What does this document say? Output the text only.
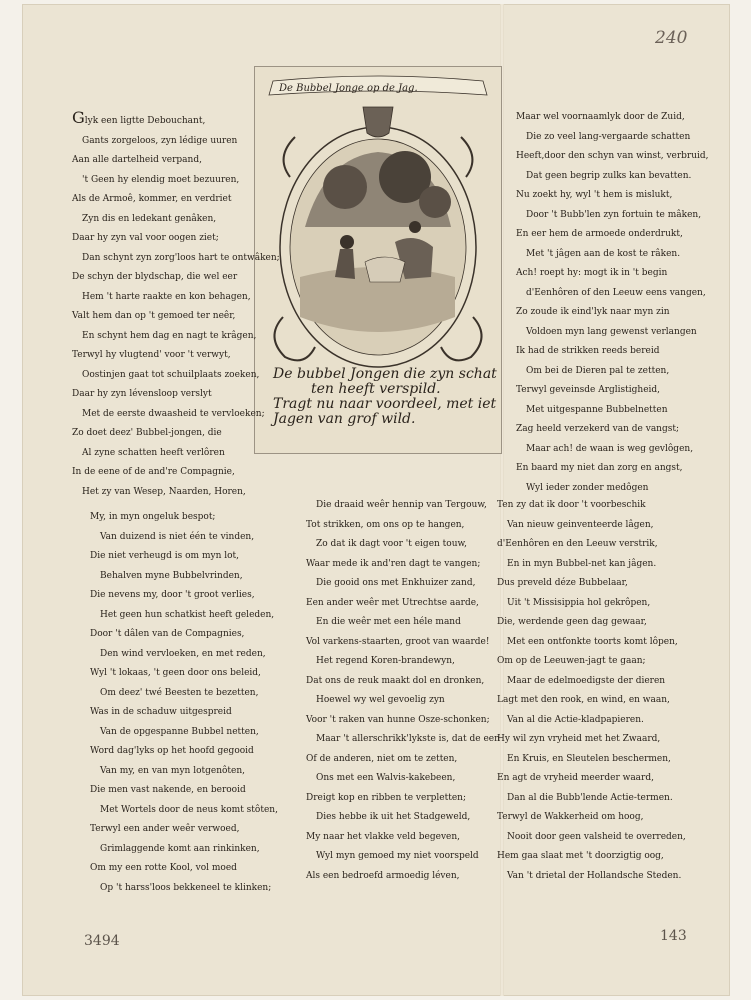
240
3494	143
De Bubbel Jonge op de Jag.
De bubbel Jongen die zyn schat
ten heeft verspild.
Tragt nu naar voordeel, met iet
Jagen van grof wild.
Glyk een ligtte Debouchant,
Gants zorgeloos, zyn lédige uuren
Aan alle dartelheid verpand,
't Geen hy elendig moet bezuuren,
Als de Armoê, kommer, en verdriet
Zyn dis en ledekant genâken,
Daar hy zyn val voor oogen ziet;
Dan schynt zyn zorg'loos hart te ontwâken;
De schyn der blydschap, die wel eer
Hem 't harte raakte en kon behagen,
Valt hem dan op 't gemoed ter neêr,
En schynt hem dag en nagt te krâgen,
Terwyl hy vlugtend' voor 't verwyt,
Oostinjen gaat tot schuilplaats zoeken,
Daar hy zyn lévensloop verslyt
Met de eerste dwaasheid te vervloeken;
Zo doet deez' Bubbel-jongen, die
Al zyne schatten heeft verlôren
In de eene of de and're Compagnie,
Het zy van Wesep, Naarden, Horen,
Maar wel voornaamlyk door de Zuid,
Die zo veel lang-vergaarde schatten
Heeft,door den schyn van winst, verbruid,
Dat geen begrip zulks kan bevatten.
Nu zoekt hy, wyl 't hem is mislukt,
Door 't Bubb'len zyn fortuin te mâken,
En eer hem de armoede onderdrukt,
Met 't jâgen aan de kost te râken.
Ach! roept hy: mogt ik in 't begin
d'Eenhôren of den Leeuw eens vangen,
Zo zoude ik eind'lyk naar myn zin
Voldoen myn lang gewenst verlangen
Ik had de strikken reeds bereid
Om bei de Dieren pal te zetten,
Terwyl geveinsde Arglistigheid,
Met uitgespanne Bubbelnetten
Zag heeld verzekerd van de vangst;
Maar ach! de waan is weg gevlôgen,
En baard my niet dan zorg en angst,
Wyl ieder zonder medôgen
My, in myn ongeluk bespot;
Van duizend is niet één te vinden,
Die niet verheugd is om myn lot,
Behalven myne Bubbelvrinden,
Die nevens my, door 't groot verlies,
Het geen hun schatkist heeft geleden,
Door 't dâlen van de Compagnies,
Den wind vervloeken, en met reden,
Wyl 't lokaas, 't geen door ons beleid,
Om deez' twé Beesten te bezetten,
Was in de schaduw uitgespreid
Van de opgespanne Bubbel netten,
Word dag'lyks op het hoofd gegooid
Van my, en van myn lotgenôten,
Die men vast nakende, en berooid
Met Wortels door de neus komt stôten,
Terwyl een ander weêr verwoed,
Grimlaggende komt aan rinkinken,
Om my een rotte Kool, vol moed
Op 't harss'loos bekkeneel te klinken;
Die draaid weêr hennip van Tergouw,
Tot strikken, om ons op te hangen,
Zo dat ik dagt voor 't eigen touw,
Waar mede ik and'ren dagt te vangen;
Die gooid ons met Enkhuizer zand,
Een ander weêr met Utrechtse aarde,
En die weêr met een héle mand
Vol varkens-staarten, groot van waarde!
Het regend Koren-brandewyn,
Dat ons de reuk maakt dol en dronken,
Hoewel wy wel gevoelig zyn
Voor 't raken van hunne Osze-schonken;
Maar 't allerschrikk'lykste is, dat de een
Of de anderen, niet om te zetten,
Ons met een Walvis-kakebeen,
Dreigt kop en ribben te verpletten;
Dies hebbe ik uit het Stadgeweld,
My naar het vlakke veld begeven,
Wyl myn gemoed my niet voorspeld
Als een bedroefd armoedig léven,
Ten zy dat ik door 't voorbeschik
Van nieuw geinventeerde lâgen,
d'Eenhôren en den Leeuw verstrik,
En in myn Bubbel-net kan jâgen.
Dus preveld déze Bubbelaar,
Uit 't Missisippia hol gekrôpen,
Die, werdende geen dag gewaar,
Met een ontfonkte toorts komt lôpen,
Om op de Leeuwen-jagt te gaan;
Maar de edelmoedigste der dieren
Lagt met den rook, en wind, en waan,
Van al die Actie-kladpapieren.
Hy wil zyn vryheid met het Zwaard,
En Kruis, en Sleutelen beschermen,
En agt de vryheid meerder waard,
Dan al die Bubb'lende Actie-termen.
Terwyl de Wakkerheid om hoog,
Nooit door geen valsheid te overreden,
Hem gaa slaat met 't doorzigtig oog,
Van 't drietal der Hollandsche Steden.
